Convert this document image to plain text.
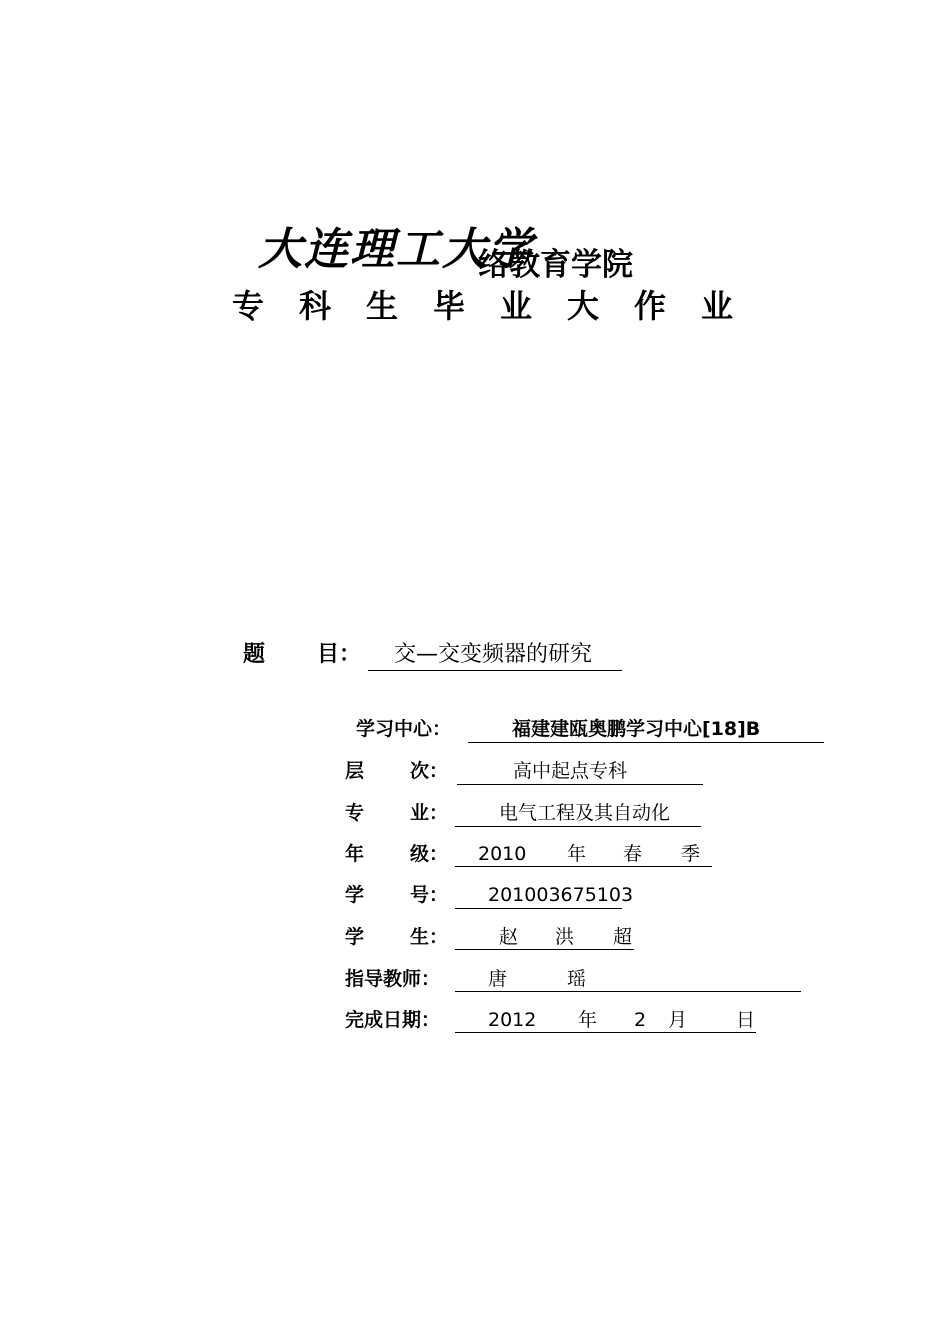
大连理工大学
络教育学院
专科生毕业大作业
题 目：	交—交变频器的研究
学习中心：	福建建瓯奥鹏学习中心[18]B
层 次：	高中起点专科
专 业：	电气工程及其自动化
年 级： 2010 年 春 季
学 号：	201003675103
学 生：	赵 洪 超
指导教师：	唐	瑶
完成日期：	2012 年 2 月	日
